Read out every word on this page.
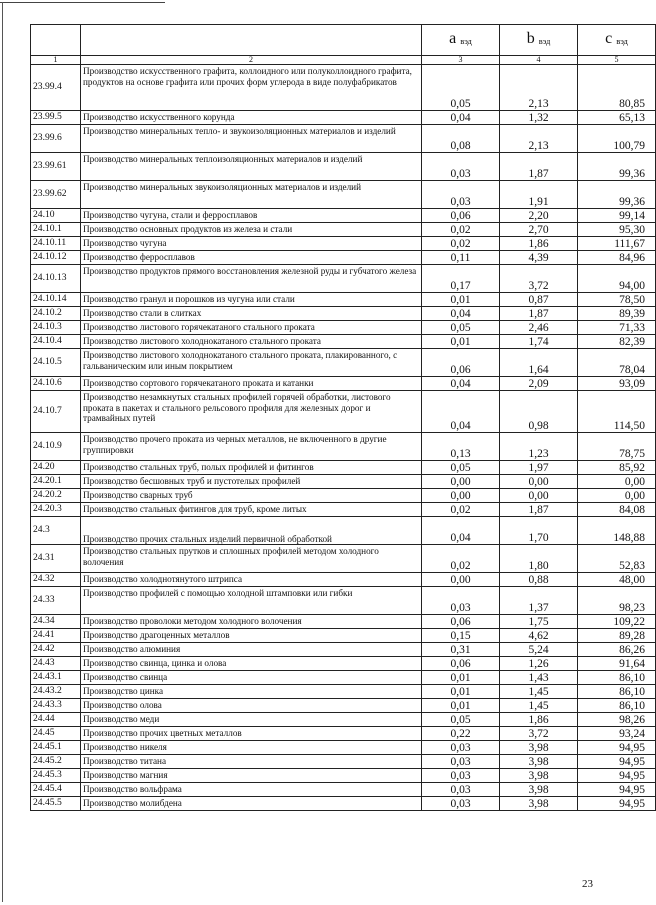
		a $_{вэд}$	b $_{вэд}$	c $_{вэд}$
1	2	3	4	5
23.99.4	Производство искусственного графита, коллоидного или полуколлоидного графита, продуктов на основе графита или прочих форм углерода в виде полуфабрикатов	0,05	2,13	80,85
23.99.5	Производство искусственного корунда	0,04	1,32	65,13
23.99.6	Производство минеральных тепло- и звукоизоляционных материалов и изделий	0,08	2,13	100,79
23.99.61	Производство минеральных теплоизоляционных материалов и изделий	0,03	1,87	99,36
23.99.62	Производство минеральных звукоизоляционных материалов и изделий	0,03	1,91	99,36
24.10	Производство чугуна, стали и ферросплавов	0,06	2,20	99,14
24.10.1	Производство основных продуктов из железа и стали	0,02	2,70	95,30
24.10.11	Производство чугуна	0,02	1,86	111,67
24.10.12	Производство ферросплавов	0,11	4,39	84,96
24.10.13	Производство продуктов прямого восстановления железной руды и губчатого железа	0,17	3,72	94,00
24.10.14	Производство гранул и порошков из чугуна или стали	0,01	0,87	78,50
24.10.2	Производство стали в слитках	0,04	1,87	89,39
24.10.3	Производство листового горячекатаного стального проката	0,05	2,46	71,33
24.10.4	Производство листового холоднокатаного стального проката	0,01	1,74	82,39
24.10.5	Производство листового холоднокатаного стального проката, плакированного, с гальваническим или иным покрытием	0,06	1,64	78,04
24.10.6	Производство сортового горячекатаного проката и катанки	0,04	2,09	93,09
24.10.7	Производство незамкнутых стальных профилей горячей обработки, листового проката в пакетах и стального рельсового профиля для железных дорог и трамвайных путей	0,04	0,98	114,50
24.10.9	Производство прочего проката из черных металлов, не включенного в другие группировки	0,13	1,23	78,75
24.20	Производство стальных труб, полых профилей и фитингов	0,05	1,97	85,92
24.20.1	Производство бесшовных труб и пустотелых профилей	0,00	0,00	0,00
24.20.2	Производство сварных труб	0,00	0,00	0,00
24.20.3	Производство стальных фитингов для труб, кроме литых	0,02	1,87	84,08
24.3	Производство прочих стальных изделий первичной обработкой	0,04	1,70	148,88
24.31	Производство стальных прутков и сплошных профилей методом холодного волочения	0,02	1,80	52,83
24.32	Производство холоднотянутого штрипса	0,00	0,88	48,00
24.33	Производство профилей с помощью холодной штамповки или гибки	0,03	1,37	98,23
24.34	Производство проволоки методом холодного волочения	0,06	1,75	109,22
24.41	Производство драгоценных металлов	0,15	4,62	89,28
24.42	Производство алюминия	0,31	5,24	86,26
24.43	Производство свинца, цинка и олова	0,06	1,26	91,64
24.43.1	Производство свинца	0,01	1,43	86,10
24.43.2	Производство цинка	0,01	1,45	86,10
24.43.3	Производство олова	0,01	1,45	86,10
24.44	Производство меди	0,05	1,86	98,26
24.45	Производство прочих цветных металлов	0,22	3,72	93,24
24.45.1	Производство никеля	0,03	3,98	94,95
24.45.2	Производство титана	0,03	3,98	94,95
24.45.3	Производство магния	0,03	3,98	94,95
24.45.4	Производство вольфрама	0,03	3,98	94,95
24.45.5	Производство молибдена	0,03	3,98	94,95
23
